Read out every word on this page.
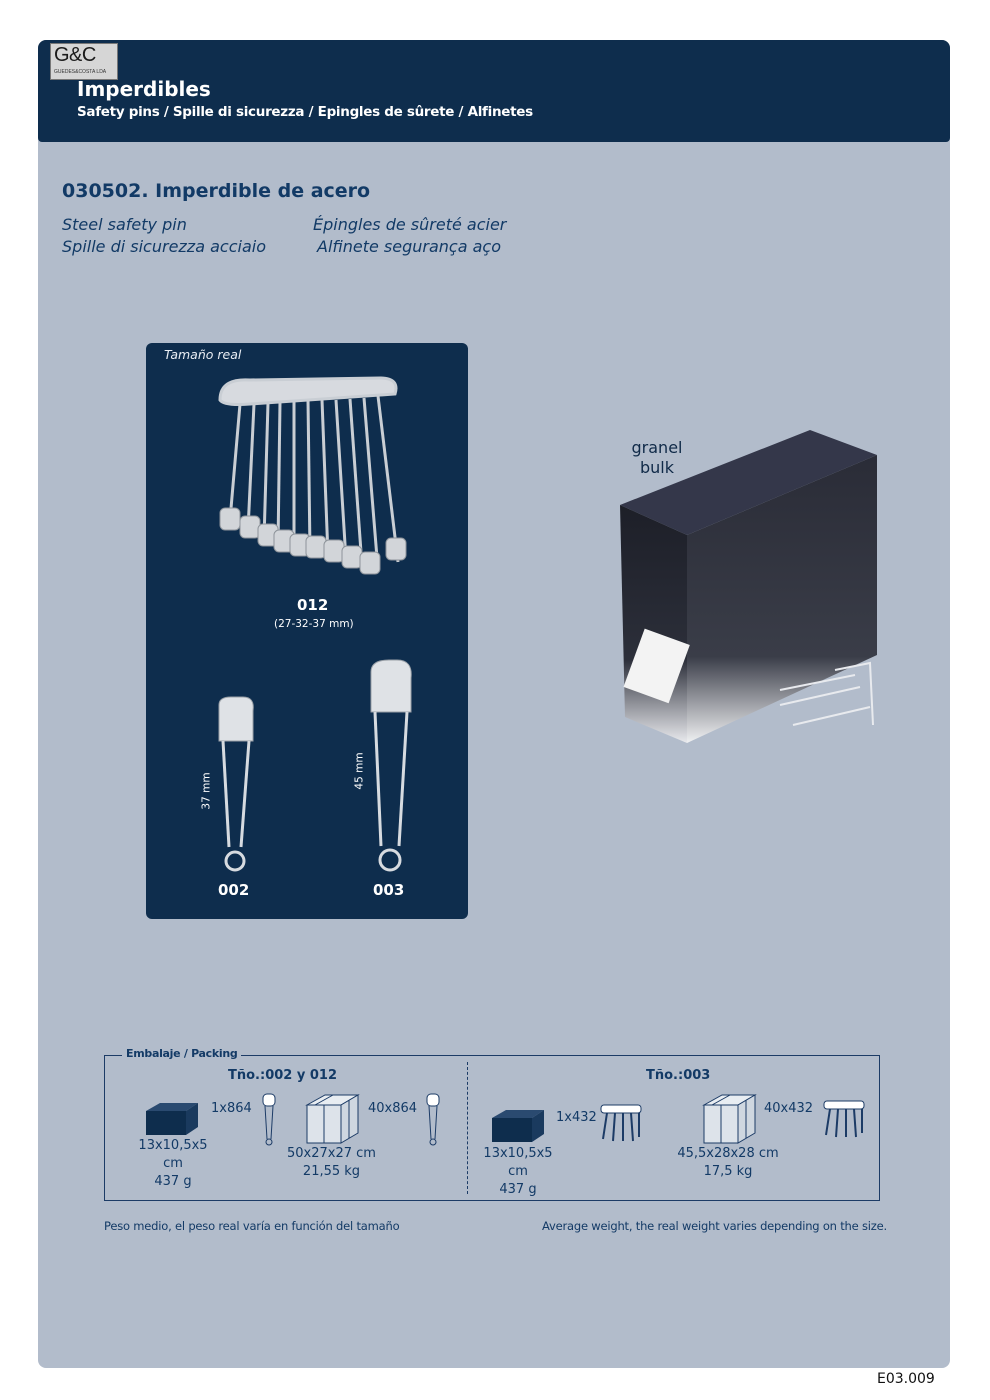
G&C
GUEDES&COSTA LDA
Imperdibles
Safety pins / Spille di sicurezza / Epingles de sûrete / Alfinetes
030502. Imperdible de acero
Steel safety pin
Spille di sicurezza acciaio
Épingles de sûreté acier
Alfinete segurança aço
Tamaño real
012
(27-32-37 mm)
37 mm
002
45 mm
003
granel
bulk
Embalaje / Packing
Tño.:002 y 012
1x864
13x10,5x5 cm
437 g
40x864
50x27x27 cm
21,55 kg
Tño.:003
1x432
13x10,5x5 cm
437 g
40x432
45,5x28x28 cm
17,5 kg
Peso medio, el peso real varía en función del tamaño	Average weight, the real weight varies depending on the size.
E03.009
